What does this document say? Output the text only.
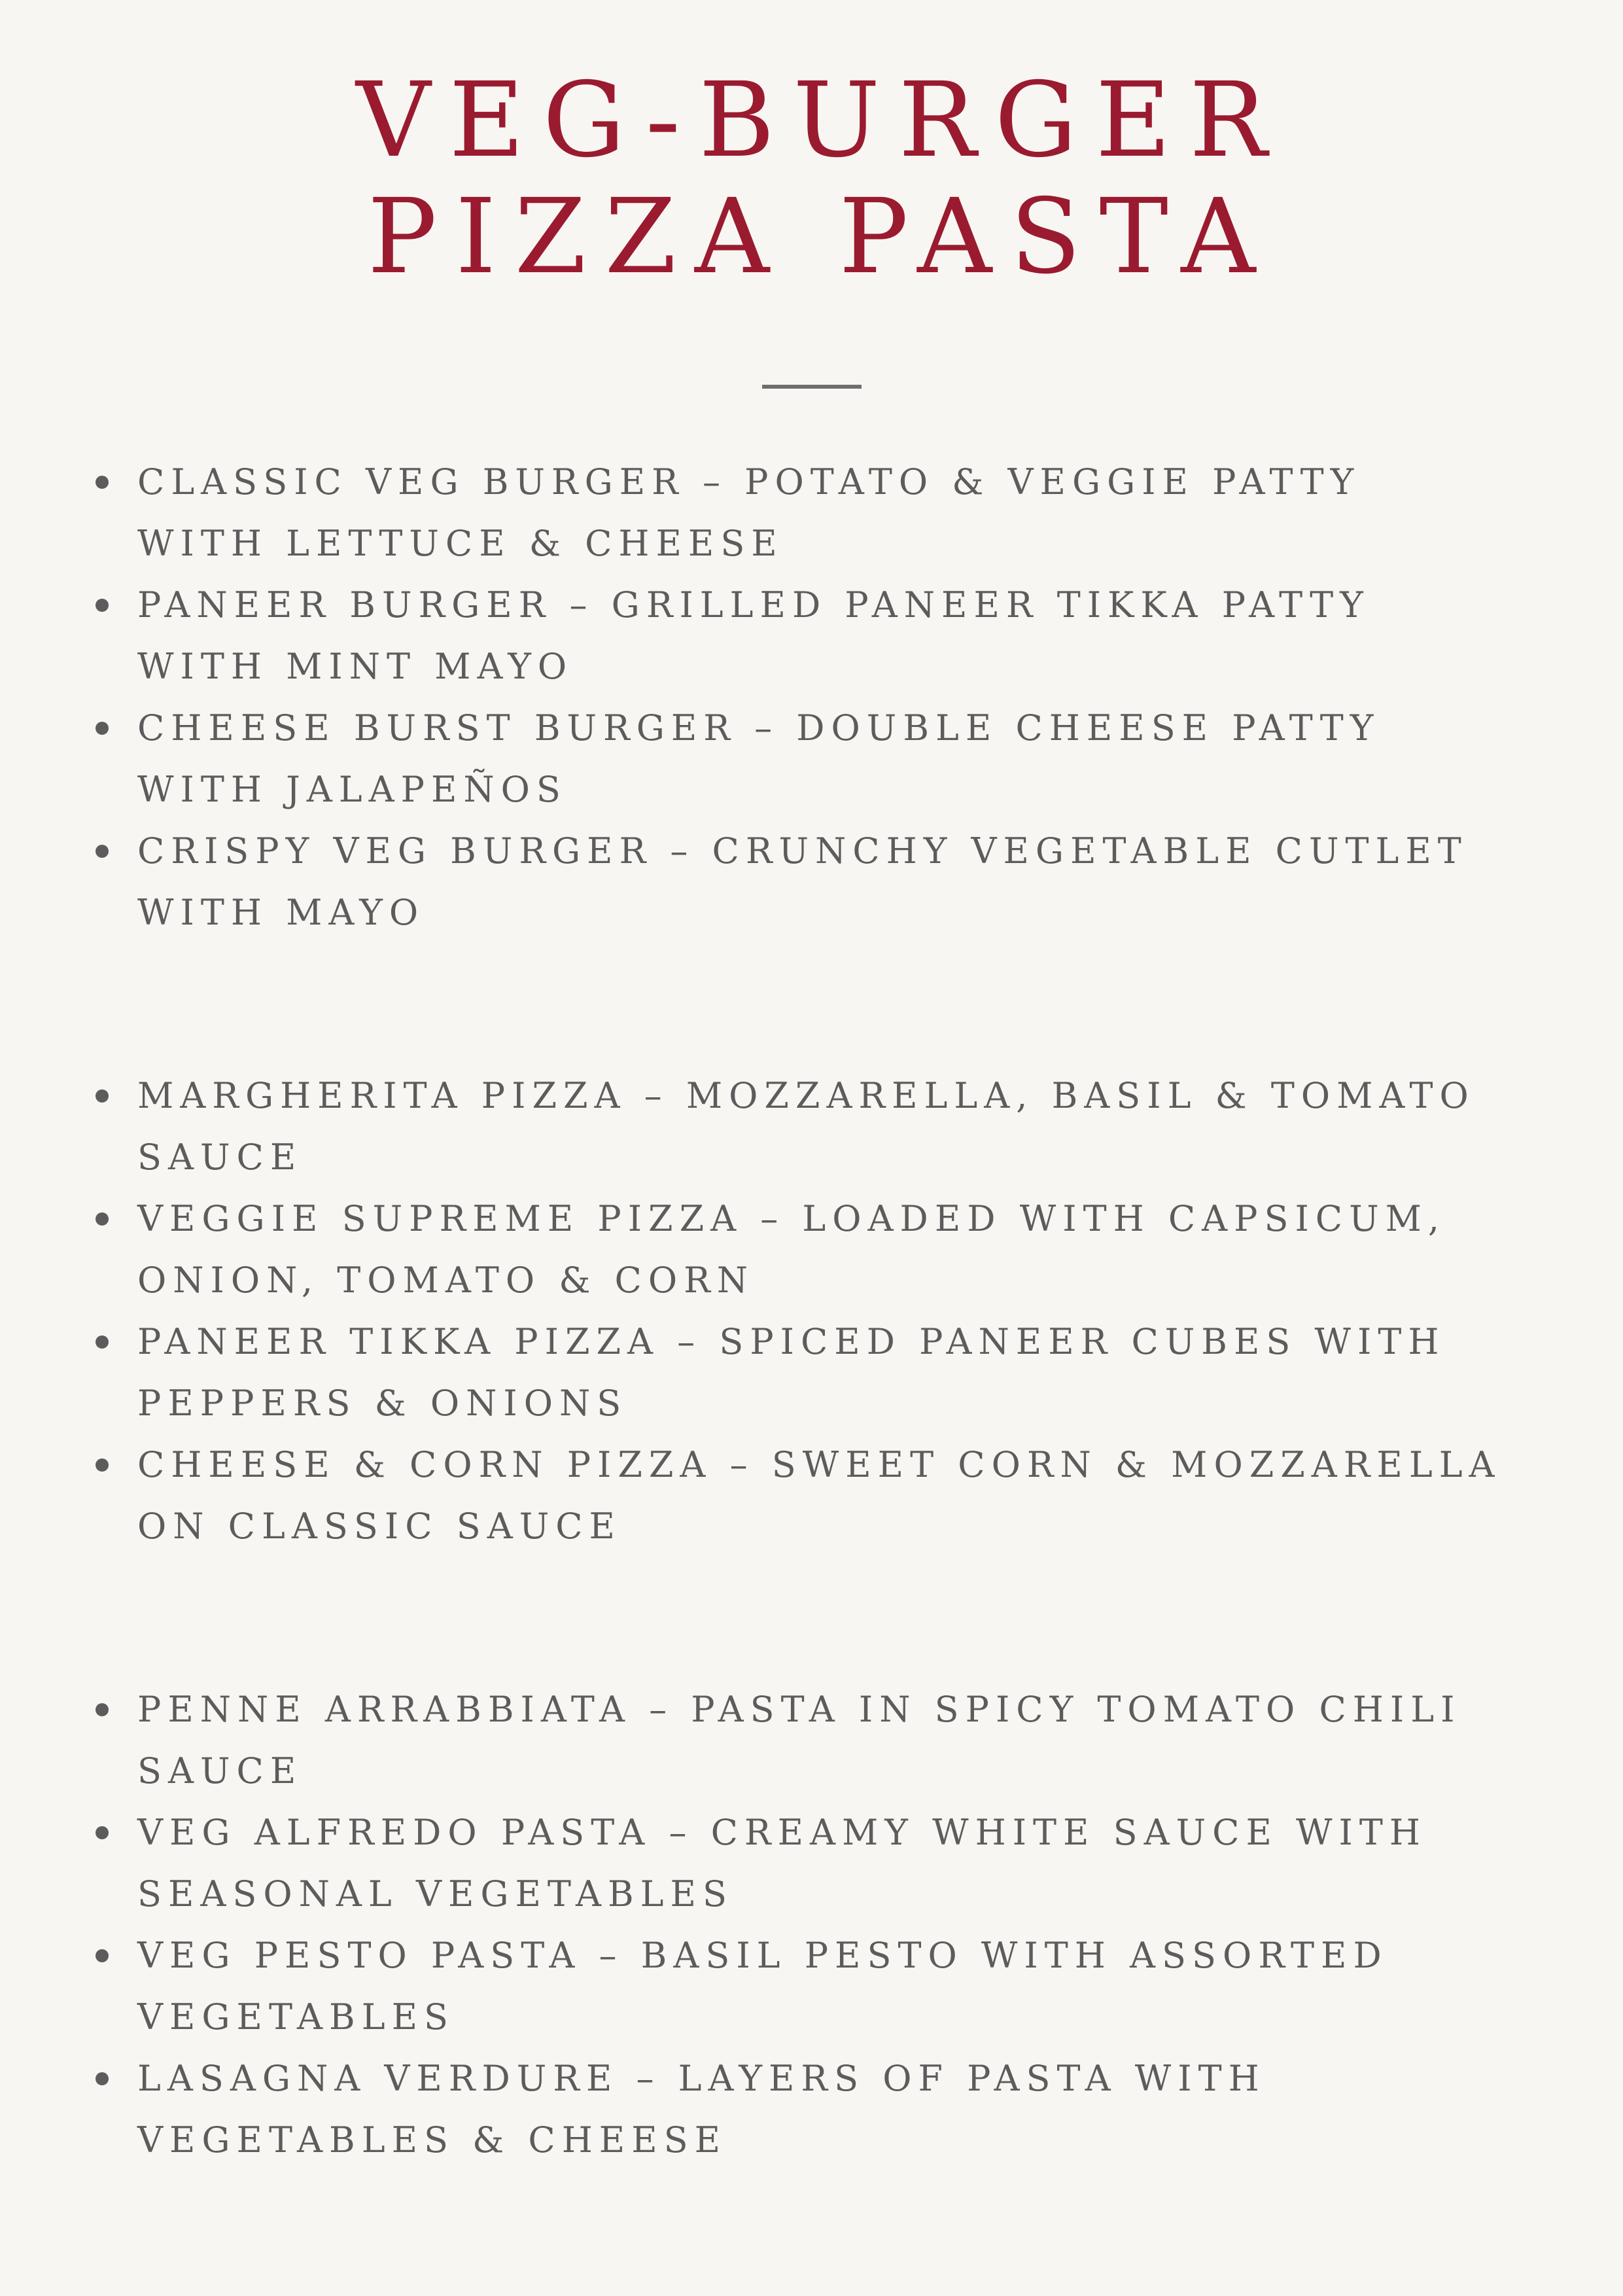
VEG-BURGER
PIZZA PASTA
CLASSIC VEG BURGER – POTATO & VEGGIE PATTY
WITH LETTUCE & CHEESE
PANEER BURGER – GRILLED PANEER TIKKA PATTY
WITH MINT MAYO
CHEESE BURST BURGER – DOUBLE CHEESE PATTY
WITH JALAPEÑOS
CRISPY VEG BURGER – CRUNCHY VEGETABLE CUTLET
WITH MAYO
MARGHERITA PIZZA – MOZZARELLA, BASIL & TOMATO
SAUCE
VEGGIE SUPREME PIZZA – LOADED WITH CAPSICUM,
ONION, TOMATO & CORN
PANEER TIKKA PIZZA – SPICED PANEER CUBES WITH
PEPPERS & ONIONS
CHEESE & CORN PIZZA – SWEET CORN & MOZZARELLA
ON CLASSIC SAUCE
PENNE ARRABBIATA – PASTA IN SPICY TOMATO CHILI
SAUCE
VEG ALFREDO PASTA – CREAMY WHITE SAUCE WITH
SEASONAL VEGETABLES
VEG PESTO PASTA – BASIL PESTO WITH ASSORTED
VEGETABLES
LASAGNA VERDURE – LAYERS OF PASTA WITH
VEGETABLES & CHEESE
